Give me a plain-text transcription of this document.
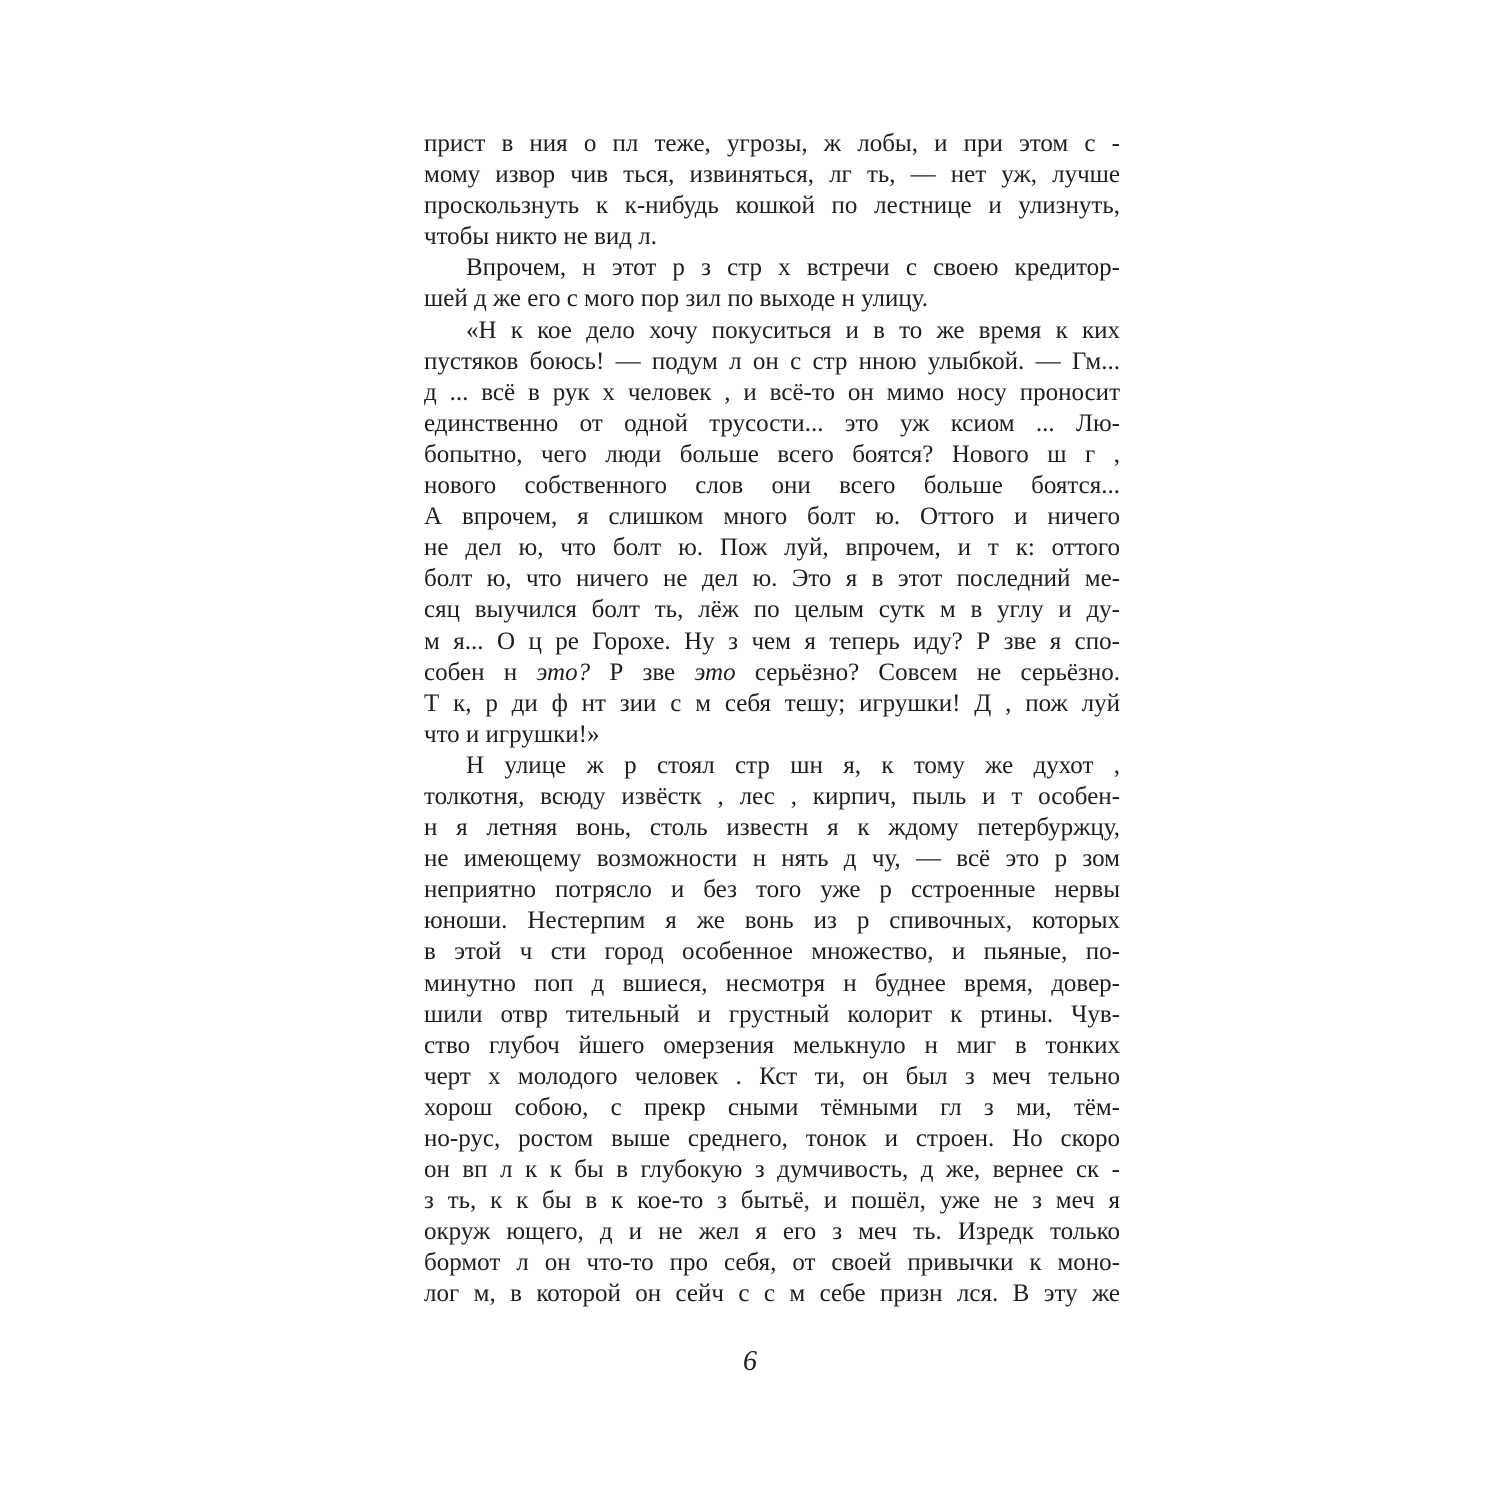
прист в ния о пл теже, угрозы, ж лобы, и при этом с -
мому извор чив ться, извиняться, лг ть, — нет уж, лучше
проскользнуть к к-нибудь кошкой по лестнице и улизнуть,
чтобы никто не вид л.
Впрочем, н этот р з стр х встречи с своею кредитор-
шей д же его с мого пор зил по выходе н улицу.
«Н к кое дело хочу покуситься и в то же время к ких
пустяков боюсь! — подум л он с стр нною улыбкой. — Гм...
д ... всё в рук х человек , и всё-то он мимо носу проносит
единственно от одной трусости... это уж ксиом ... Лю-
бопытно, чего люди больше всего боятся? Нового ш г ,
нового собственного слов они всего больше боятся...
А впрочем, я слишком много болт ю. Оттого и ничего
не дел ю, что болт ю. Пож луй, впрочем, и т к: оттого
болт ю, что ничего не дел ю. Это я в этот последний ме-
сяц выучился болт ть, лёж по целым сутк м в углу и ду-
м я... О ц ре Горохе. Ну з чем я теперь иду? Р зве я спо-
собен н это? Р зве это серьёзно? Совсем не серьёзно.
Т к, р ди ф нт зии с м себя тешу; игрушки! Д , пож луй
что и игрушки!»
Н улице ж р стоял стр шн я, к тому же духот ,
толкотня, всюду извёстк , лес , кирпич, пыль и т особен-
н я летняя вонь, столь известн я к ждому петербуржцу,
не имеющему возможности н нять д чу, — всё это р зом
неприятно потрясло и без того уже р сстроенные нервы
юноши. Нестерпим я же вонь из р спивочных, которых
в этой ч сти город особенное множество, и пьяные, по-
минутно поп д вшиеся, несмотря н буднее время, довер-
шили отвр тительный и грустный колорит к ртины. Чув-
ство глубоч йшего омерзения мелькнуло н миг в тонких
черт х молодого человек . Кст ти, он был з меч тельно
хорош собою, с прекр сными тёмными гл з ми, тём-
но-рус, ростом выше среднего, тонок и строен. Но скоро
он вп л к к бы в глубокую з думчивость, д же, вернее ск -
з ть, к к бы в к кое-то з бытьё, и пошёл, уже не з меч я
окруж ющего, д и не жел я его з меч ть. Изредк только
бормот л он что-то про себя, от своей привычки к моно-
лог м, в которой он сейч с с м себе призн лся. В эту же
6
